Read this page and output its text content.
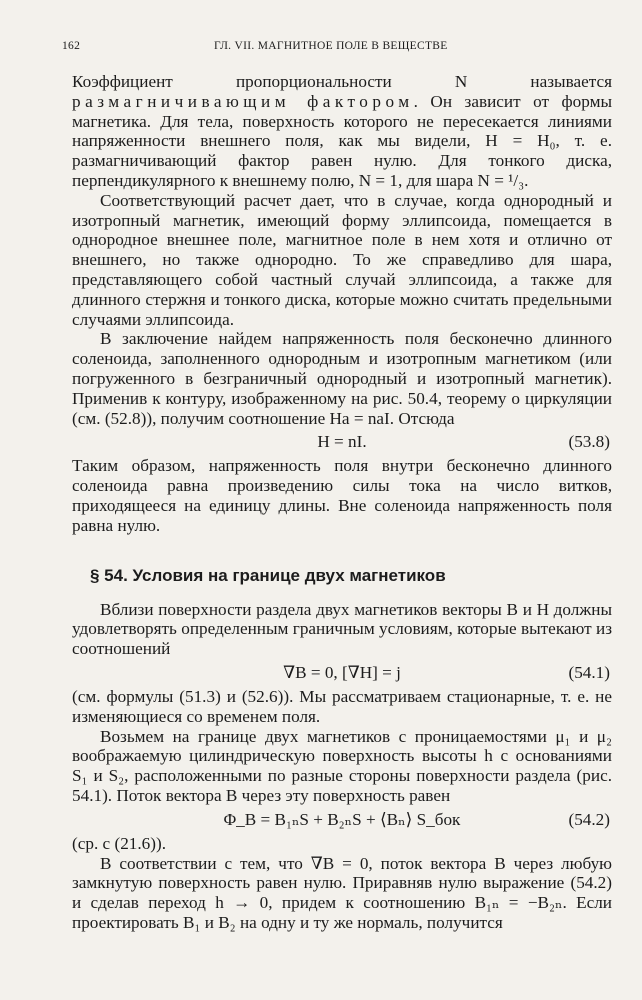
162	ГЛ. VII. МАГНИТНОЕ ПОЛЕ В ВЕЩЕСТВЕ

Коэффициент пропорциональности N называется размагничивающим фактором. Он зависит от формы магнетика. Для тела, поверхность которого не пересекается линиями напряженности внешнего поля, как мы видели, H = H₀, т. е. размагничивающий фактор равен нулю. Для тонкого диска, перпендикулярного к внешнему полю, N = 1, для шара N = ¹/₃.

Соответствующий расчет дает, что в случае, когда однородный и изотропный магнетик, имеющий форму эллипсоида, помещается в однородное внешнее поле, магнитное поле в нем хотя и отлично от внешнего, но также однородно. То же справедливо для шара, представляющего собой частный случай эллипсоида, а также для длинного стержня и тонкого диска, которые можно считать предельными случаями эллипсоида.

В заключение найдем напряженность поля бесконечно длинного соленоида, заполненного однородным и изотропным магнетиком (или погруженного в безграничный однородный и изотропный магнетик). Применив к контуру, изображенному на рис. 50.4, теорему о циркуляции (см. (52.8)), получим соотношение Ha = naI. Отсюда

H = nI.	(53.8)

Таким образом, напряженность поля внутри бесконечно длинного соленоида равна произведению силы тока на число витков, приходящееся на единицу длины. Вне соленоида напряженность поля равна нулю.

§ 54. Условия на границе двух магнетиков

Вблизи поверхности раздела двух магнетиков векторы B и H должны удовлетворять определенным граничным условиям, которые вытекают из соотношений

∇B = 0, [∇H] = j	(54.1)

(см. формулы (51.3) и (52.6)). Мы рассматриваем стационарные, т. е. не изменяющиеся со временем поля.

Возьмем на границе двух магнетиков с проницаемостями μ₁ и μ₂ воображаемую цилиндрическую поверхность высоты h с основаниями S₁ и S₂, расположенными по разные стороны поверхности раздела (рис. 54.1). Поток вектора B через эту поверхность равен

Φ_B = B₁ₙS + B₂ₙS + ⟨Bₙ⟩ S_бок	(54.2)

(ср. с (21.6)).

В соответствии с тем, что ∇B = 0, поток вектора B через любую замкнутую поверхность равен нулю. Приравняв нулю выражение (54.2) и сделав переход h → 0, придем к соотношению B₁ₙ = −B₂ₙ. Если проектировать B₁ и B₂ на одну и ту же нормаль, получится
